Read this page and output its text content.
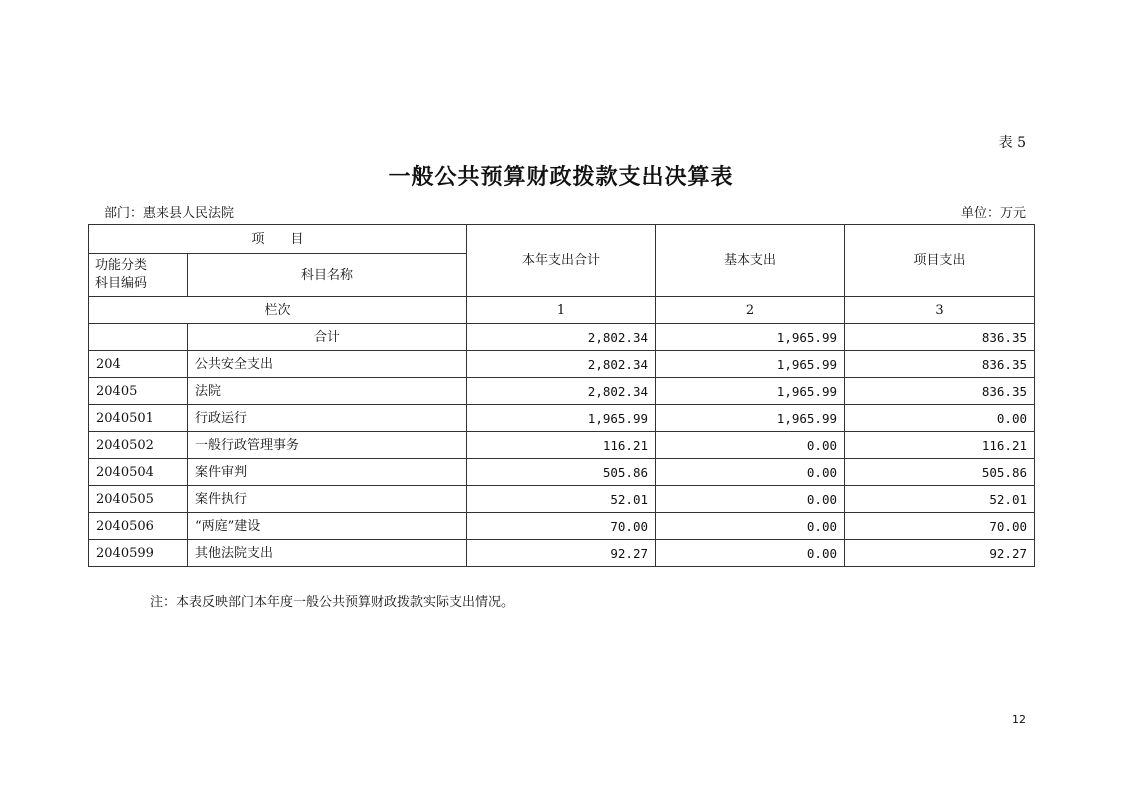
表 5
一般公共预算财政拨款支出决算表
部门：惠来县人民法院	单位：万元
项　　目		本年支出合计	基本支出	项目支出
功能分类
科目编码	科目名称			
栏次		1	2	3
	合计	2,802.34	1,965.99	836.35
204	公共安全支出	2,802.34	1,965.99	836.35
20405	法院	2,802.34	1,965.99	836.35
2040501	行政运行	1,965.99	1,965.99	0.00
2040502	一般行政管理事务	116.21	0.00	116.21
2040504	案件审判	505.86	0.00	505.86
2040505	案件执行	52.01	0.00	52.01
2040506	“两庭”建设	70.00	0.00	70.00
2040599	其他法院支出	92.27	0.00	92.27
注：本表反映部门本年度一般公共预算财政拨款实际支出情况。
12
